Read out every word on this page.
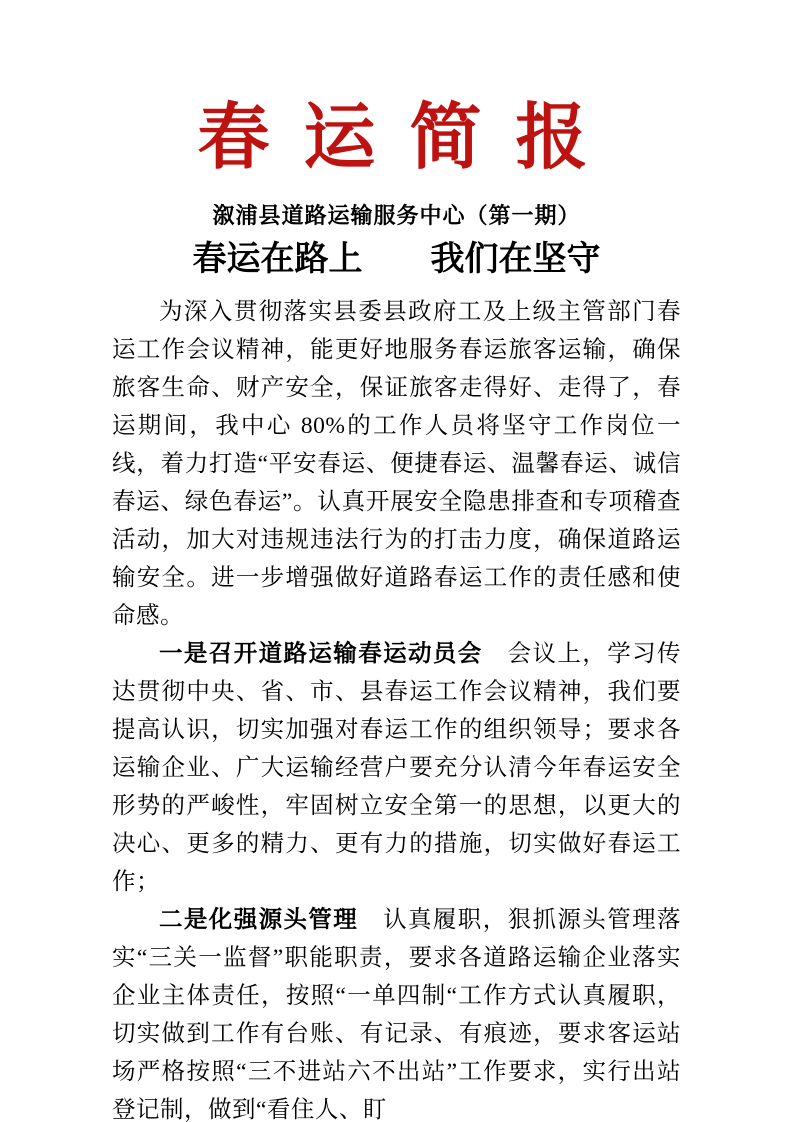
春 运 简 报
溆浦县道路运输服务中心（第一期）
春运在路上　　我们在坚守

为深入贯彻落实县委县政府工及上级主管部门春运工作会议精神，能更好地服务春运旅客运输，确保旅客生命、财产安全，保证旅客走得好、走得了，春运期间，我中心 80%的工作人员将坚守工作岗位一线，着力打造“平安春运、便捷春运、温馨春运、诚信春运、绿色春运”。认真开展安全隐患排查和专项稽查活动，加大对违规违法行为的打击力度，确保道路运输安全。进一步增强做好道路春运工作的责任感和使命感。

一是召开道路运输春运动员会　会议上，学习传达贯彻中央、省、市、县春运工作会议精神，我们要提高认识，切实加强对春运工作的组织领导；要求各运输企业、广大运输经营户要充分认清今年春运安全形势的严峻性，牢固树立安全第一的思想，以更大的决心、更多的精力、更有力的措施，切实做好春运工作；

二是化强源头管理　认真履职，狠抓源头管理落实“三关一监督”职能职责，要求各道路运输企业落实企业主体责任，按照“一单四制“工作方式认真履职，切实做到工作有台账、有记录、有痕迹，要求客运站场严格按照“三不进站六不出站”工作要求，实行出站登记制，做到“看住人、盯
